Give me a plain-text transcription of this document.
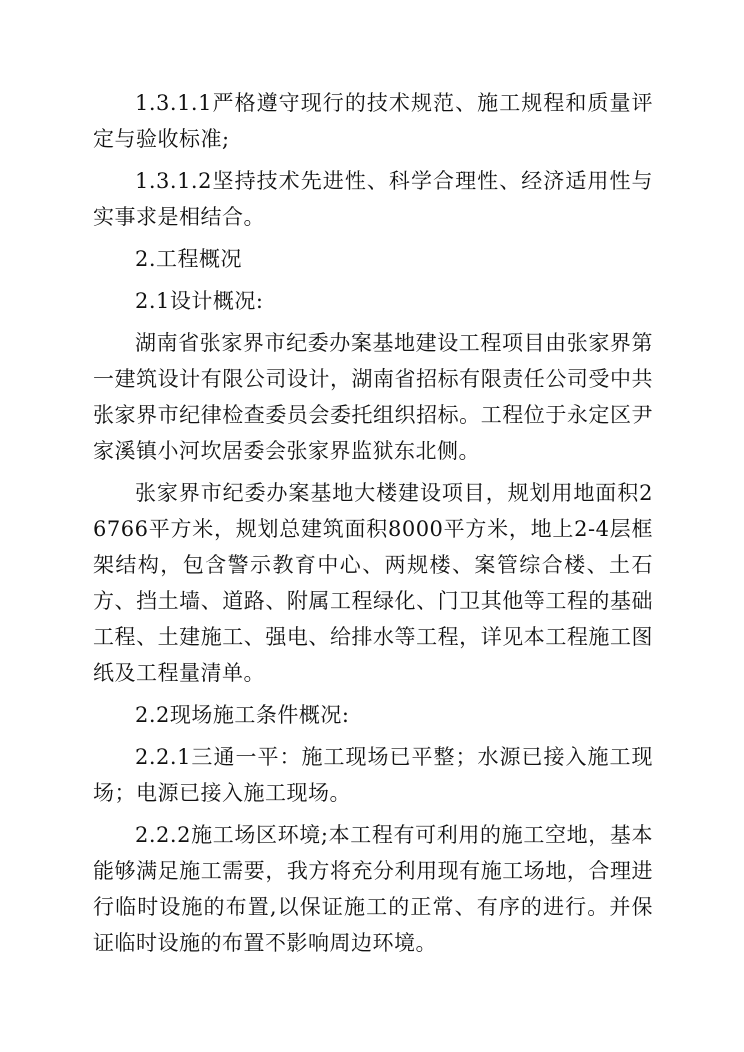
1.3.1.1严格遵守现行的技术规范、施工规程和质量评定与验收标准;

1.3.1.2坚持技术先进性、科学合理性、经济适用性与实事求是相结合。

2.工程概况

2.1设计概况:

湖南省张家界市纪委办案基地建设工程项目由张家界第一建筑设计有限公司设计，湖南省招标有限责任公司受中共张家界市纪律检查委员会委托组织招标。工程位于永定区尹家溪镇小河坎居委会张家界监狱东北侧。

张家界市纪委办案基地大楼建设项目，规划用地面积26766平方米，规划总建筑面积8000平方米，地上2-4层框架结构，包含警示教育中心、两规楼、案管综合楼、土石方、挡土墙、道路、附属工程绿化、门卫其他等工程的基础工程、土建施工、强电、给排水等工程，详见本工程施工图纸及工程量清单。

2.2现场施工条件概况:

2.2.1三通一平：施工现场已平整；水源已接入施工现场；电源已接入施工现场。

2.2.2施工场区环境;本工程有可利用的施工空地，基本能够满足施工需要，我方将充分利用现有施工场地，合理进行临时设施的布置,以保证施工的正常、有序的进行。并保证临时设施的布置不影响周边环境。
